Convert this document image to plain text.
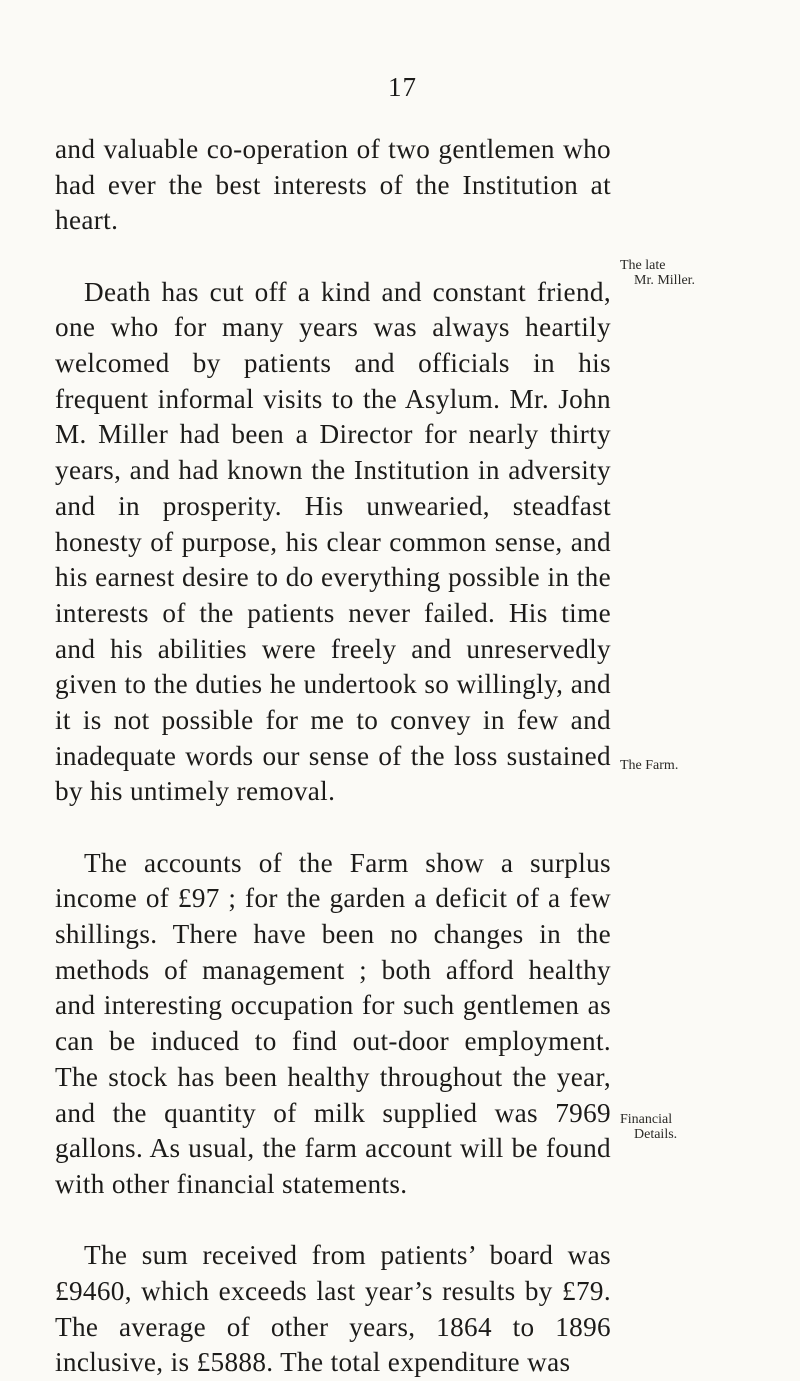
17

and valuable co-operation of two gentlemen who had ever the best interests of the Institution at heart.

Death has cut off a kind and constant friend, one who for many years was always heartily welcomed by patients and officials in his frequent informal visits to the Asylum. Mr. John M. Miller had been a Director for nearly thirty years, and had known the Institution in adversity and in prosperity. His unwearied, steadfast honesty of purpose, his clear common sense, and his earnest desire to do everything possible in the interests of the patients never failed. His time and his abilities were freely and unreservedly given to the duties he undertook so willingly, and it is not possible for me to convey in few and inadequate words our sense of the loss sustained by his untimely removal.

The accounts of the Farm show a surplus income of £97 ; for the garden a deficit of a few shillings. There have been no changes in the methods of management ; both afford healthy and interesting occupation for such gentlemen as can be induced to find out-door employment. The stock has been healthy throughout the year, and the quantity of milk supplied was 7969 gallons. As usual, the farm account will be found with other financial statements.

The sum received from patients’ board was £9460, which exceeds last year’s results by £79. The average of other years, 1864 to 1896 inclusive, is £5888. The total expenditure was

The late
Mr. Miller.
The Farm.
Financial
Details.
